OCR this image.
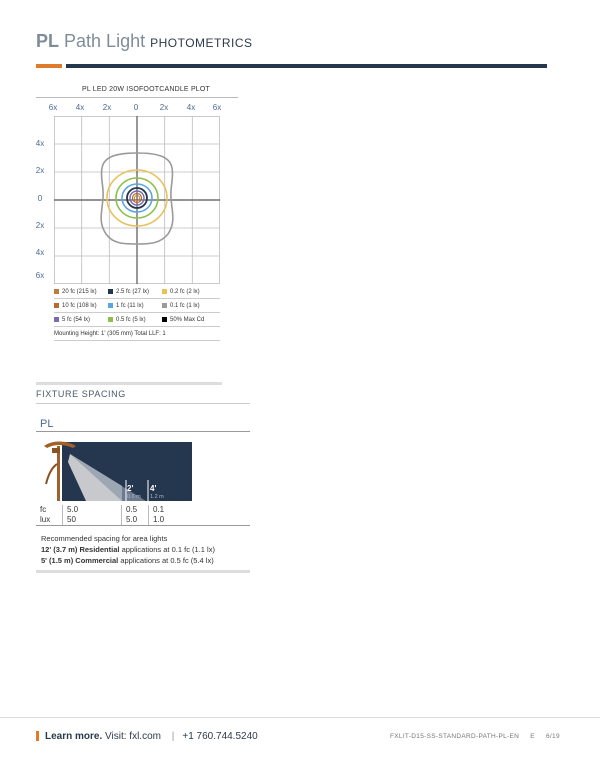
PL Path Light PHOTOMETRICS
PL LED 20W ISOFOOTCANDLE PLOT
6x	4x	2x	0	2x	4x	6x
4x
2x
0
2x
4x
6x
20 fc (215 lx)	2.5 fc (27 lx)	0.2 fc (2 lx)
10 fc (108 lx)	1 fc (11 lx)	0.1 fc (1 lx)
5 fc (54 lx)	0.5 fc (5 lx)	50% Max Cd
Mounting Height: 1' (305 mm) Total LLF: 1
FIXTURE SPACING
PL
2'
0.6 m
4'
1.2 m
fc	5.0	0.5	0.1
lux	50	5.0	1.0
Recommended spacing for area lights
12' (3.7 m) Residential applications at 0.1 fc (1.1 lx)
5' (1.5 m) Commercial applications at 0.5 fc (5.4 lx)
Learn more. Visit: fxl.com | +1 760.744.5240	FXLIT-D15-SS-STANDARD-PATH-PL-EN E 6/19
